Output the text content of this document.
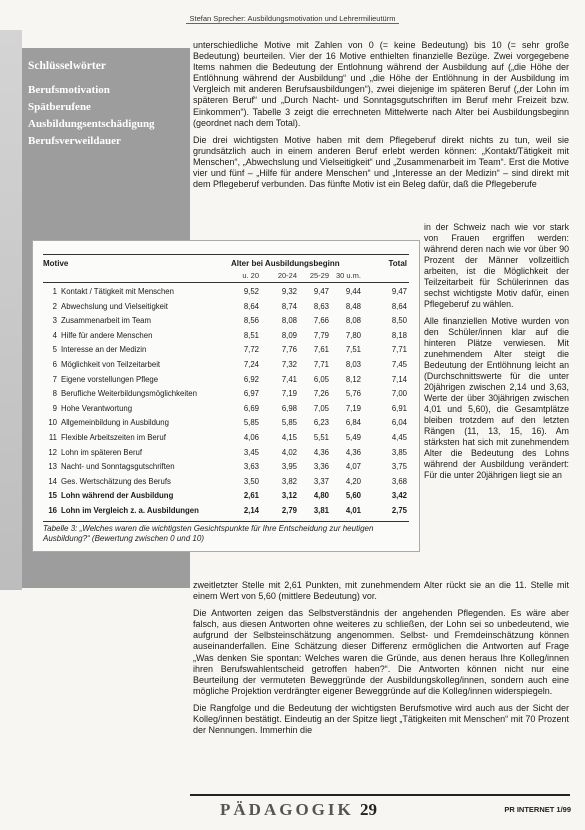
Stefan Sprecher: Ausbildungsmotivation und Lehrermilieutürm
Schlüsselwörter
Berufsmotivation
Spätberufene
Ausbildungsentschädigung
Berufsverweildauer

unterschiedliche Motive mit Zahlen von 0 (= keine Bedeutung) bis 10 (= sehr große Bedeutung) beurteilen. Vier der 16 Motive enthielten finanzielle Bezüge. Zwei vorgegebene Items nahmen die Bedeutung der Entlohnung während der Ausbildung auf („die Höhe der Entlöhnung während der Ausbildung“ und „die Höhe der Entlöhnung in der Ausbildung im Vergleich mit anderen Berufsausbildungen“), zwei diejenige im späteren Beruf („der Lohn im späteren Beruf“ und „Durch Nacht- und Sonntagsgutschriften im Beruf mehr Freizeit bzw. Einkommen“). Tabelle 3 zeigt die errechneten Mittelwerte nach Alter bei Ausbildungsbeginn (geordnet nach dem Total).

Die drei wichtigsten Motive haben mit dem Pflegeberuf direkt nichts zu tun, weil sie grundsätzlich auch in einem anderen Beruf erlebt werden können: „Kontakt/Tätigkeit mit Menschen“, „Abwechslung und Vielseitigkeit“ und „Zusammenarbeit im Team“. Erst die Motive vier und fünf – „Hilfe für andere Menschen“ und „Interesse an der Medizin“ – sind direkt mit dem Pflegeberuf verbunden. Das fünfte Motiv ist ein Beleg dafür, daß die Pflegeberufe

in der Schweiz nach wie vor stark von Frauen ergriffen werden: während deren nach wie vor über 90 Prozent der Männer vollzeitlich arbeiten, ist die Möglichkeit der Teilzeitarbeit für Schülerinnen das sechst wichtigste Motiv dafür, einen Pflegeberuf zu wählen.

Alle finanziellen Motive wurden von den Schüler/innen klar auf die hinteren Plätze verwiesen. Mit zunehmendem Alter steigt die Bedeutung der Entlöhnung leicht an (Durchschnittswerte für die unter 20jährigen zwischen 2,14 und 3,63, Werte der über 30jährigen zwischen 4,01 und 5,60), die Gesamtplätze bleiben trotzdem auf den letzten Rängen (11, 13, 15, 16). Am stärksten hat sich mit zunehmendem Alter die Bedeutung des Lohns während der Ausbildung verändert: Für die unter 20jährigen liegt sie an

Motive	Alter bei Ausbildungsbeginn	Total
u. 20	20-24	25-29 30 u.m.
1 Kontakt / Tätigkeit mit Menschen	9,52	9,32	9,47	9,44	9,47
2 Abwechslung und Vielseitigkeit	8,64	8,74	8,63	8,48	8,64
3 Zusammenarbeit im Team	8,56	8,08	7,66	8,08	8,50
4 Hilfe für andere Menschen	8,51	8,09	7,79	7,80	8,18
5 Interesse an der Medizin	7,72	7,76	7,61	7,51	7,71
6 Möglichkeit von Teilzeitarbeit	7,24	7,32	7,71	8,03	7,45
7 Eigene vorstellungen Pflege	6,92	7,41	6,05	8,12	7,14
8 Berufliche Weiterbildungsmöglichkeiten	6,97	7,19	7,26	5,76	7,00
9 Hohe Verantwortung	6,69	6,98	7,05	7,19	6,91
10 Allgemeinbildung in Ausbildung	5,85	5,85	6,23	6,84	6,04
11 Flexible Arbeitszeiten im Beruf	4,06	4,15	5,51	5,49	4,45
12 Lohn im späteren Beruf	3,45	4,02	4,36	4,36	3,85
13 Nacht- und Sonntagsgutschriften	3,63	3,95	3,36	4,07	3,75
14 Ges. Wertschätzung des Berufs	3,50	3,82	3,37	4,20	3,68
15 Lohn während der Ausbildung	2,61	3,12	4,80	5,60	3,42
16 Lohn im Vergleich z. a. Ausbildungen	2,14	2,79	3,81	4,01	2,75
Tabelle 3: „Welches waren die wichtigsten Gesichtspunkte für Ihre Entscheidung zur heutigen Ausbildung?“ (Bewertung zwischen 0 und 10)

zweitletzter Stelle mit 2,61 Punkten, mit zunehmendem Alter rückt sie an die 11. Stelle mit einem Wert von 5,60 (mittlere Bedeutung) vor.

Die Antworten zeigen das Selbstverständnis der angehenden Pflegenden. Es wäre aber falsch, aus diesen Antworten ohne weiteres zu schließen, der Lohn sei so unbedeutend, wie aufgrund der Selbsteinschätzung angenommen. Selbst- und Fremdeinschätzung können auseinanderfallen. Eine Schätzung dieser Differenz ermöglichen die Antworten auf Frage „Was denken Sie spontan: Welches waren die Gründe, aus denen heraus Ihre Kolleg/innen ihren Berufswahlentscheid getroffen haben?“. Die Antworten können nicht nur eine Beurteilung der vermuteten Beweggründe der Ausbildungskolleg/innen, sondern auch eine mögliche Projektion verdrängter eigener Beweggründe auf die Kolleg/innen widerspiegeln.

Die Rangfolge und die Bedeutung der wichtigsten Berufsmotive wird auch aus der Sicht der Kolleg/innen bestätigt. Eindeutig an der Spitze liegt „Tätigkeiten mit Menschen“ mit 70 Prozent der Nennungen. Immerhin die

PÄDAGOGIK 29	PR INTERNET 1/99
